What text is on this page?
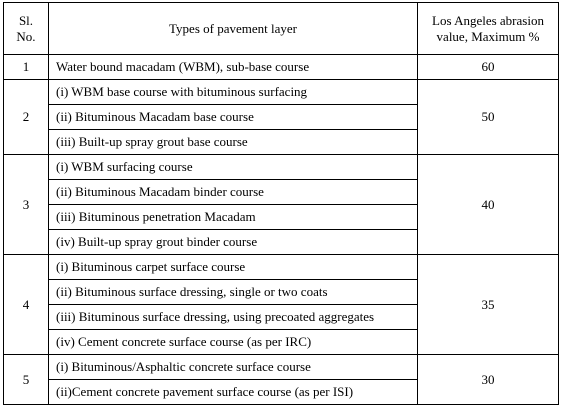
Sl.
No.	Types of pavement layer	Los Angeles abrasion
value, Maximum %

1	Water bound macadam (WBM), sub-base course	60
2	(i) WBM base course with bituminous surfacing
(ii) Bituminous Macadam base course
(iii) Built-up spray grout base course	50
3	(i) WBM surfacing course
(ii) Bituminous Macadam binder course
(iii) Bituminous penetration Macadam
(iv) Built-up spray grout binder course	40
4	(i) Bituminous carpet surface course
(ii) Bituminous surface dressing, single or two coats
(iii) Bituminous surface dressing, using precoated aggregates
(iv) Cement concrete surface course (as per IRC)	35
5	(i) Bituminous/Asphaltic concrete surface course
(ii)Cement concrete pavement surface course (as per ISI)	30
